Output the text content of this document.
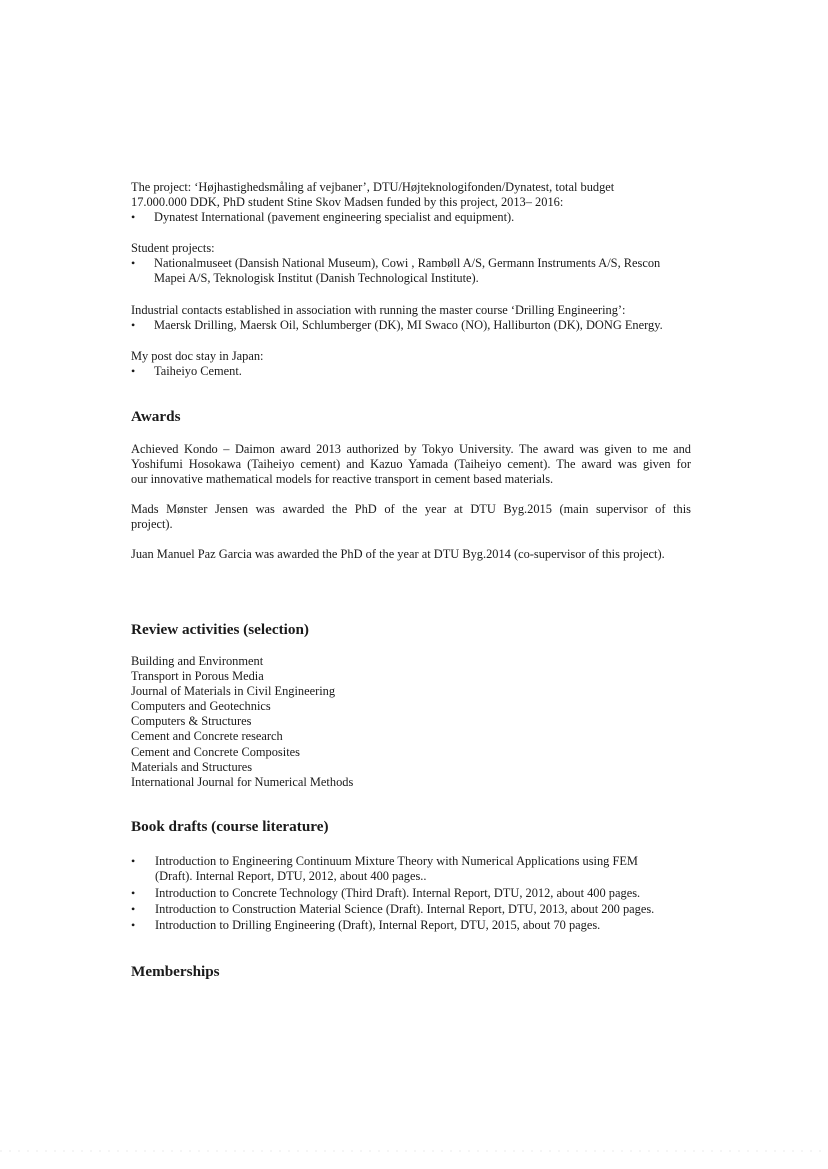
The project: ‘Højhastighedsmåling af vejbaner’, DTU/Højteknologifonden/Dynatest, total budget
17.000.000 DDK, PhD student Stine Skov Madsen funded by this project, 2013– 2016:
• Dynatest International (pavement engineering specialist and equipment).
Student projects:
• Nationalmuseet (Dansish National Museum), Cowi , Rambøll A/S, Germann Instruments A/S, Rescon
Mapei A/S, Teknologisk Institut (Danish Technological Institute).
Industrial contacts established in association with running the master course ‘Drilling Engineering’:
• Maersk Drilling, Maersk Oil, Schlumberger (DK), MI Swaco (NO), Halliburton (DK), DONG Energy.
My post doc stay in Japan:
• Taiheiyo Cement.
Awards
Achieved Kondo – Daimon award 2013 authorized by Tokyo University. The award was given to me and
Yoshifumi Hosokawa (Taiheiyo cement) and Kazuo Yamada (Taiheiyo cement). The award was given for
our innovative mathematical models for reactive transport in cement based materials.
Mads Mønster Jensen was awarded the PhD of the year at DTU Byg.2015 (main supervisor of this
project).
Juan Manuel Paz Garcia was awarded the PhD of the year at DTU Byg.2014 (co-supervisor of this project).
Review activities (selection)
Building and Environment
Transport in Porous Media
Journal of Materials in Civil Engineering
Computers and Geotechnics
Computers & Structures
Cement and Concrete research
Cement and Concrete Composites
Materials and Structures
International Journal for Numerical Methods
Book drafts (course literature)
• Introduction to Engineering Continuum Mixture Theory with Numerical Applications using FEM
(Draft). Internal Report, DTU, 2012, about 400 pages..
• Introduction to Concrete Technology (Third Draft). Internal Report, DTU, 2012, about 400 pages.
• Introduction to Construction Material Science (Draft). Internal Report, DTU, 2013, about 200 pages.
• Introduction to Drilling Engineering (Draft), Internal Report, DTU, 2015, about 70 pages.
Memberships
